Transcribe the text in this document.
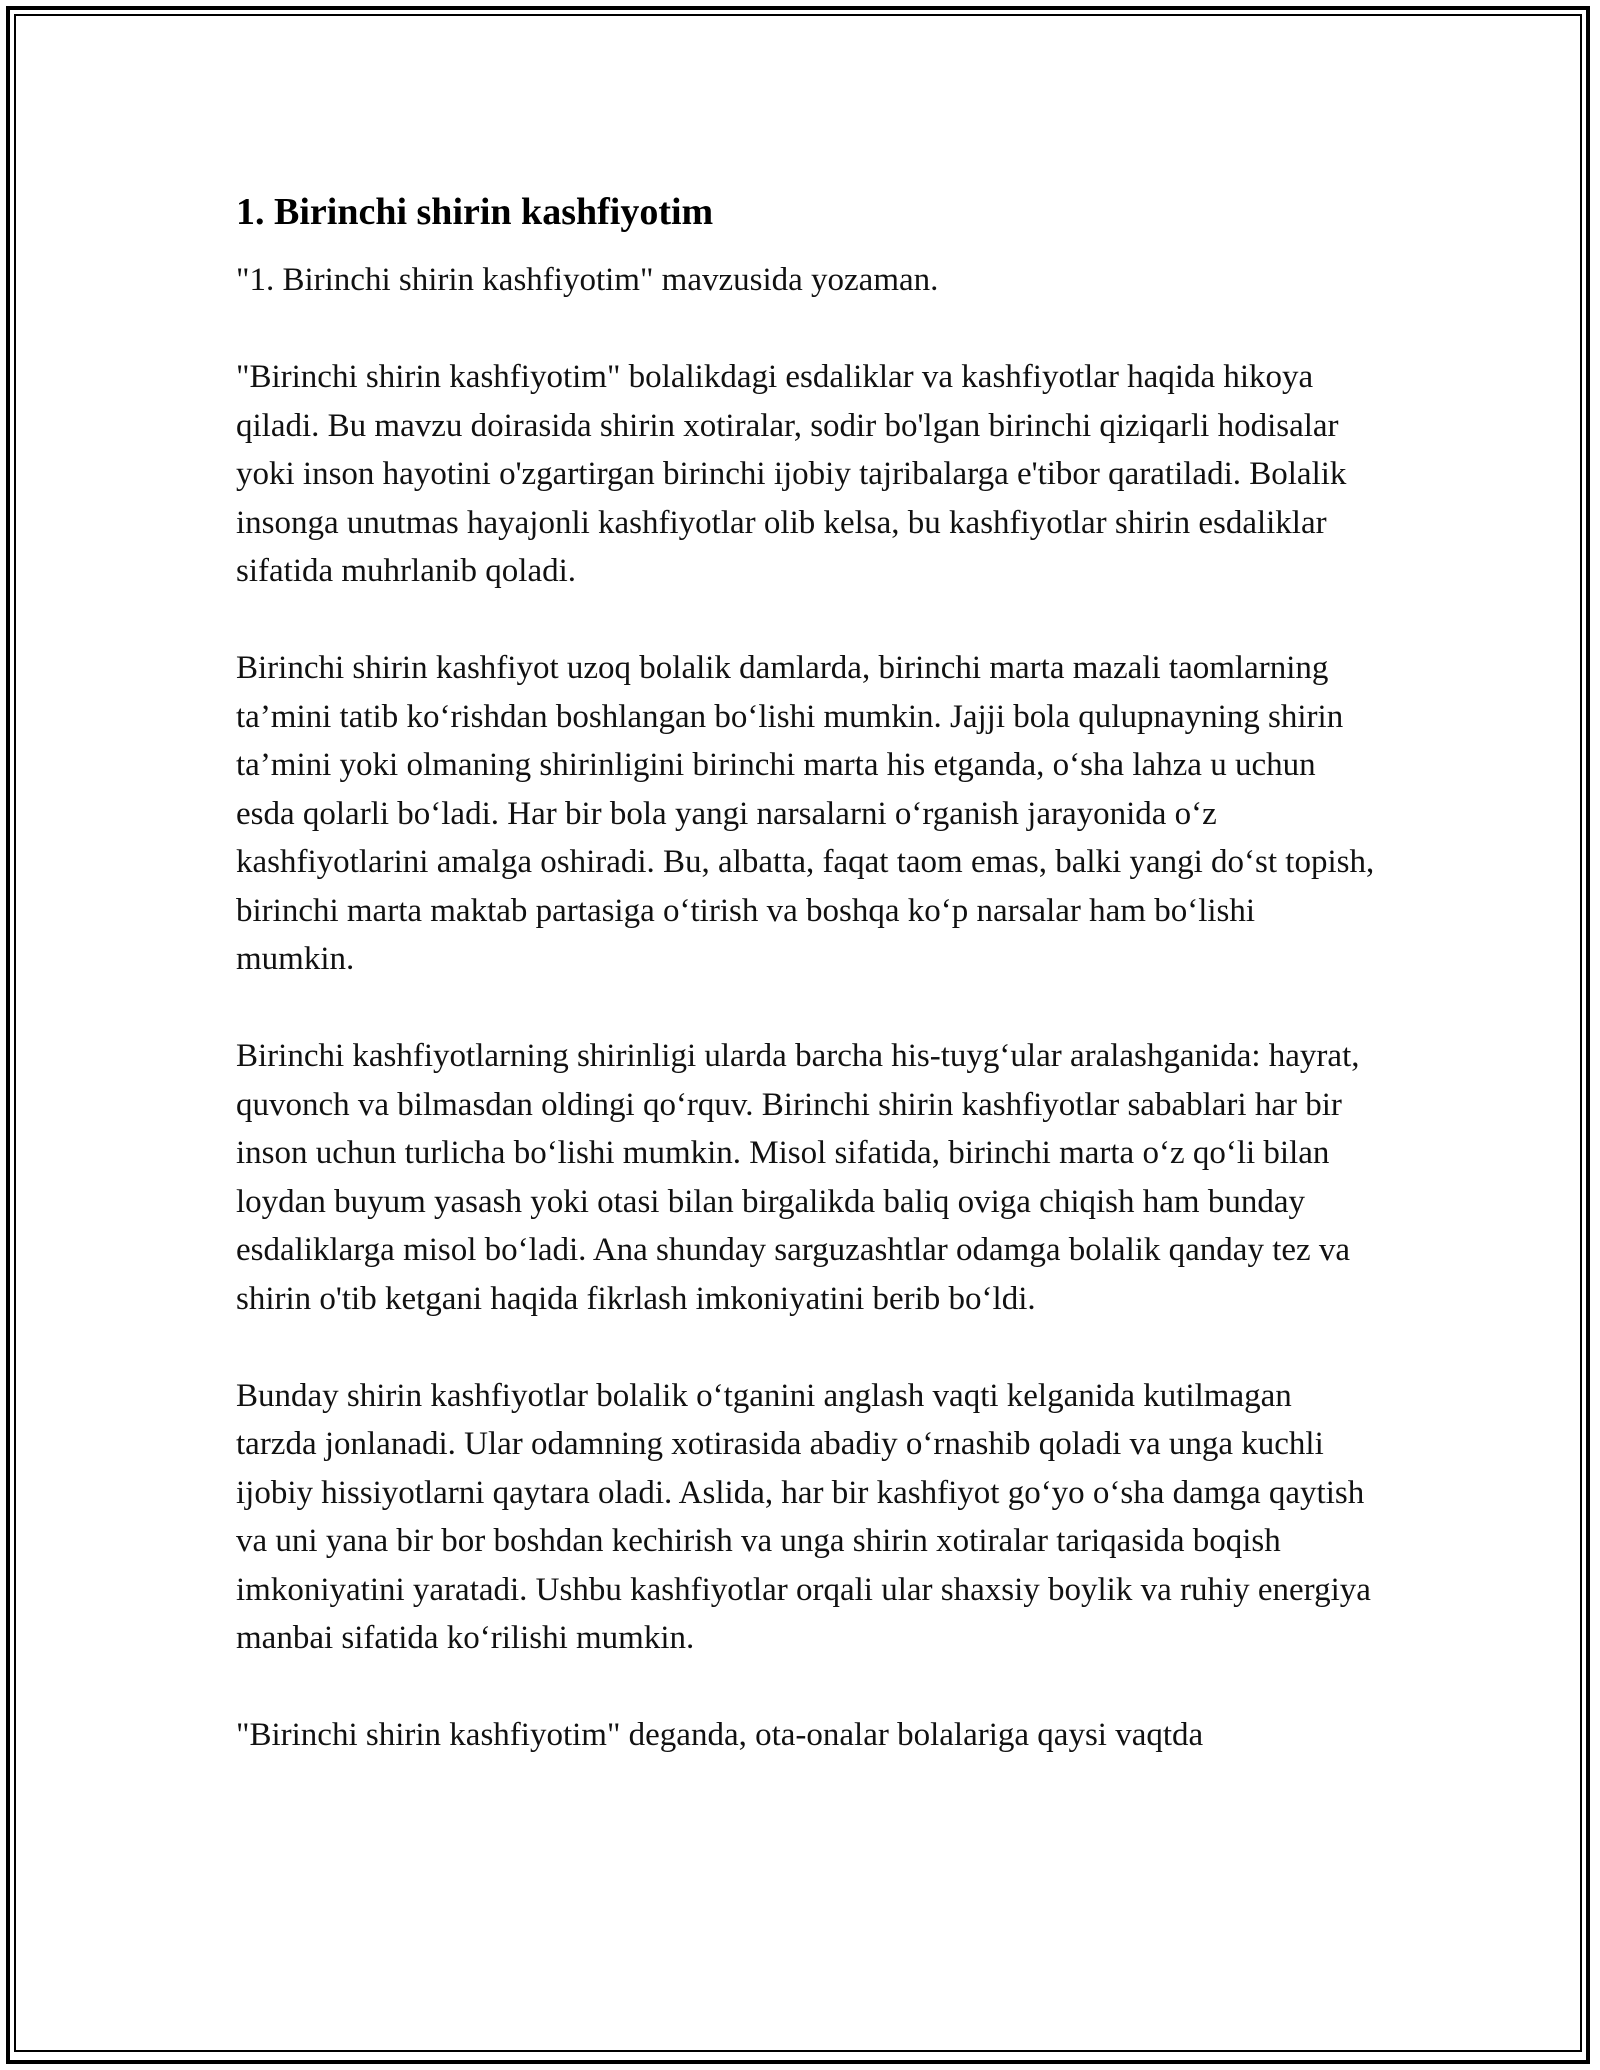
1. Birinchi shirin kashfiyotim

"1. Birinchi shirin kashfiyotim" mavzusida yozaman.

"Birinchi shirin kashfiyotim" bolalikdagi esdaliklar va kashfiyotlar haqida hikoya qiladi. Bu mavzu doirasida shirin xotiralar, sodir bo'lgan birinchi qiziqarli hodisalar yoki inson hayotini o'zgartirgan birinchi ijobiy tajribalarga e'tibor qaratiladi. Bolalik insonga unutmas hayajonli kashfiyotlar olib kelsa, bu kashfiyotlar shirin esdaliklar sifatida muhrlanib qoladi.

Birinchi shirin kashfiyot uzoq bolalik damlarda, birinchi marta mazali taomlarning ta’mini tatib koʻrishdan boshlangan boʻlishi mumkin. Jajji bola qulupnayning shirin ta’mini yoki olmaning shirinligini birinchi marta his etganda, oʻsha lahza u uchun esda qolarli boʻladi. Har bir bola yangi narsalarni oʻrganish jarayonida oʻz kashfiyotlarini amalga oshiradi. Bu, albatta, faqat taom emas, balki yangi doʻst topish, birinchi marta maktab partasiga oʻtirish va boshqa koʻp narsalar ham boʻlishi mumkin.

Birinchi kashfiyotlarning shirinligi ularda barcha his-tuygʻular aralashganida: hayrat, quvonch va bilmasdan oldingi qoʻrquv. Birinchi shirin kashfiyotlar sabablari har bir inson uchun turlicha boʻlishi mumkin. Misol sifatida, birinchi marta oʻz qoʻli bilan loydan buyum yasash yoki otasi bilan birgalikda baliq oviga chiqish ham bunday esdaliklarga misol boʻladi. Ana shunday sarguzashtlar odamga bolalik qanday tez va shirin o'tib ketgani haqida fikrlash imkoniyatini berib boʻldi.

Bunday shirin kashfiyotlar bolalik oʻtganini anglash vaqti kelganida kutilmagan tarzda jonlanadi. Ular odamning xotirasida abadiy oʻrnashib qoladi va unga kuchli ijobiy hissiyotlarni qaytara oladi. Aslida, har bir kashfiyot goʻyo oʻsha damga qaytish va uni yana bir bor boshdan kechirish va unga shirin xotiralar tariqasida boqish imkoniyatini yaratadi. Ushbu kashfiyotlar orqali ular shaxsiy boylik va ruhiy energiya manbai sifatida koʻrilishi mumkin.

"Birinchi shirin kashfiyotim" deganda, ota-onalar bolalariga qaysi vaqtda
